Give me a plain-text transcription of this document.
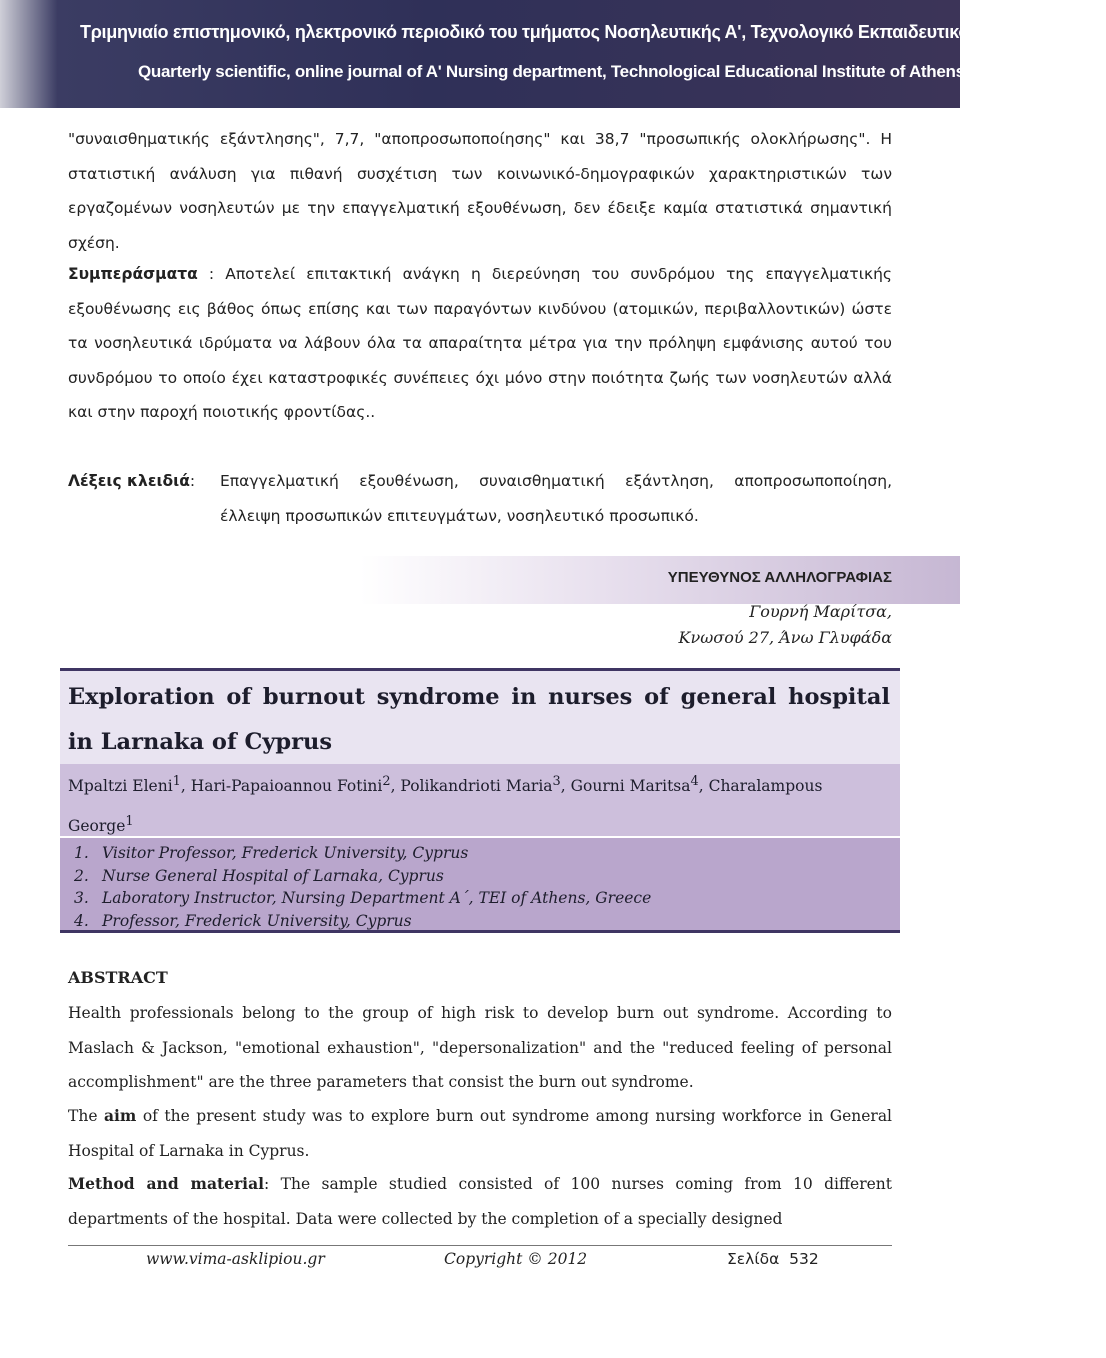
Τριμηνιαίο επιστημονικό, ηλεκτρονικό περιοδικό του τμήματος Νοσηλευτικής Α', Τεχνολογικό Εκπαιδευτικό Ίδρυμα Αθηνών
Quarterly scientific, online journal of A' Nursing department, Technological Educational Institute of Athens
"συναισθηματικής εξάντλησης", 7,7, "αποπροσωποποίησης" και 38,7 "προσωπικής ολοκλήρωσης". Η στατιστική ανάλυση για πιθανή συσχέτιση των κοινωνικό-δημογραφικών χαρακτηριστικών των εργαζομένων νοσηλευτών με την επαγγελματική εξουθένωση, δεν έδειξε καμία στατιστικά σημαντική σχέση.
Συμπεράσματα : Αποτελεί επιτακτική ανάγκη η διερεύνηση του συνδρόμου της επαγγελματικής εξουθένωσης εις βάθος όπως επίσης και των παραγόντων κινδύνου (ατομικών, περιβαλλοντικών) ώστε τα νοσηλευτικά ιδρύματα να λάβουν όλα τα απαραίτητα μέτρα για την πρόληψη εμφάνισης αυτού του συνδρόμου το οποίο έχει καταστροφικές συνέπειες όχι μόνο στην ποιότητα ζωής των νοσηλευτών αλλά και στην παροχή ποιοτικής φροντίδας..
Λέξεις κλειδιά: Επαγγελματική εξουθένωση, συναισθηματική εξάντληση, αποπροσωποποίηση, έλλειψη προσωπικών επιτευγμάτων, νοσηλευτικό προσωπικό.
ΥΠΕΥΘΥΝΟΣ ΑΛΛΗΛΟΓΡΑΦΙΑΣ
Γουρνή Μαρίτσα,
Κνωσού 27, Άνω Γλυφάδα
Exploration of burnout syndrome in nurses of general hospital in Larnaka of Cyprus
Mpaltzi Eleni$^1$, Hari-Papaioannou Fotini$^2$, Polikandrioti Maria$^3$, Gourni Maritsa$^4$, Charalampous George$^1$
1. Visitor Professor, Frederick University, Cyprus
2. Nurse General Hospital of Larnaka, Cyprus
3. Laboratory Instructor, Nursing Department A΄, TEI of Athens, Greece
4. Professor, Frederick University, Cyprus
ABSTRACT
Health professionals belong to the group of high risk to develop burn out syndrome. According to Maslach & Jackson, "emotional exhaustion", "depersonalization" and the "reduced feeling of personal accomplishment" are the three parameters that consist the burn out syndrome.
The aim of the present study was to explore burn out syndrome among nursing workforce in General Hospital of Larnaka in Cyprus.
Method and material: The sample studied consisted of 100 nurses coming from 10 different departments of the hospital. Data were collected by the completion of a specially designed
www.vima-asklipiou.gr	Copyright © 2012	Σελίδα 532
